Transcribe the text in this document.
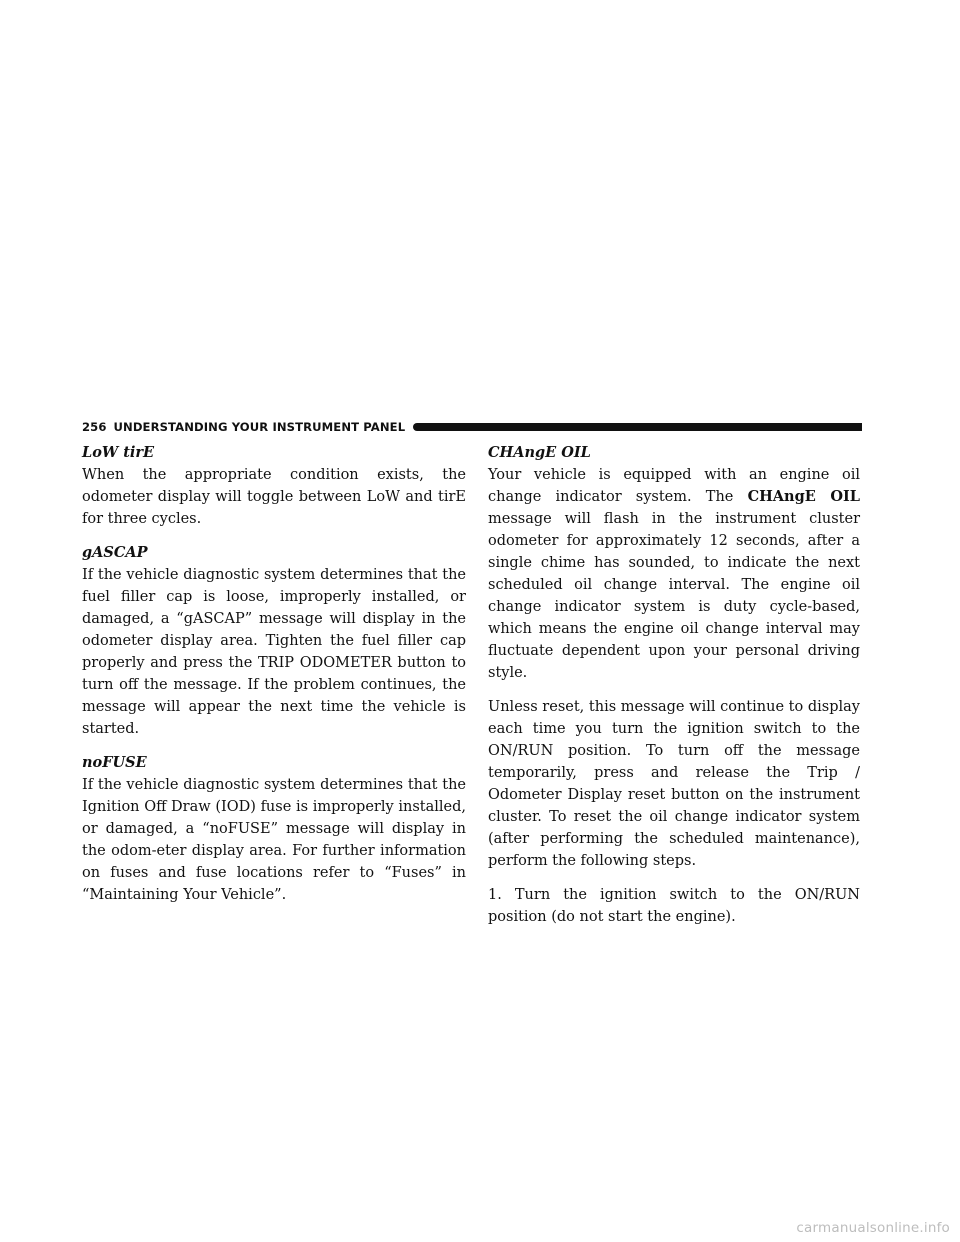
256 UNDERSTANDING YOUR INSTRUMENT PANEL

LoW tirE

When the appropriate condition exists, the odometer display will toggle between LoW and tirE for three cycles.

gASCAP

If the vehicle diagnostic system determines that the fuel filler cap is loose, improperly installed, or damaged, a “gASCAP” message will display in the odometer display area. Tighten the fuel filler cap properly and press the TRIP ODOMETER button to turn off the message. If the problem continues, the message will appear the next time the vehicle is started.

noFUSE

If the vehicle diagnostic system determines that the Ignition Off Draw (IOD) fuse is improperly installed, or damaged, a “noFUSE” message will display in the odom-eter display area. For further information on fuses and fuse locations refer to “Fuses” in “Maintaining Your Vehicle”.

CHAngE OIL

Your vehicle is equipped with an engine oil change indicator system. The CHAngE OIL message will flash in the instrument cluster odometer for approximately 12 seconds, after a single chime has sounded, to indicate the next scheduled oil change interval. The engine oil change indicator system is duty cycle-based, which means the engine oil change interval may fluctuate dependent upon your personal driving style.

Unless reset, this message will continue to display each time you turn the ignition switch to the ON/RUN position. To turn off the message temporarily, press and release the Trip / Odometer Display reset button on the instrument cluster. To reset the oil change indicator system (after performing the scheduled maintenance), perform the following steps.

1. Turn the ignition switch to the ON/RUN position (do not start the engine).

carmanualsonline.info
